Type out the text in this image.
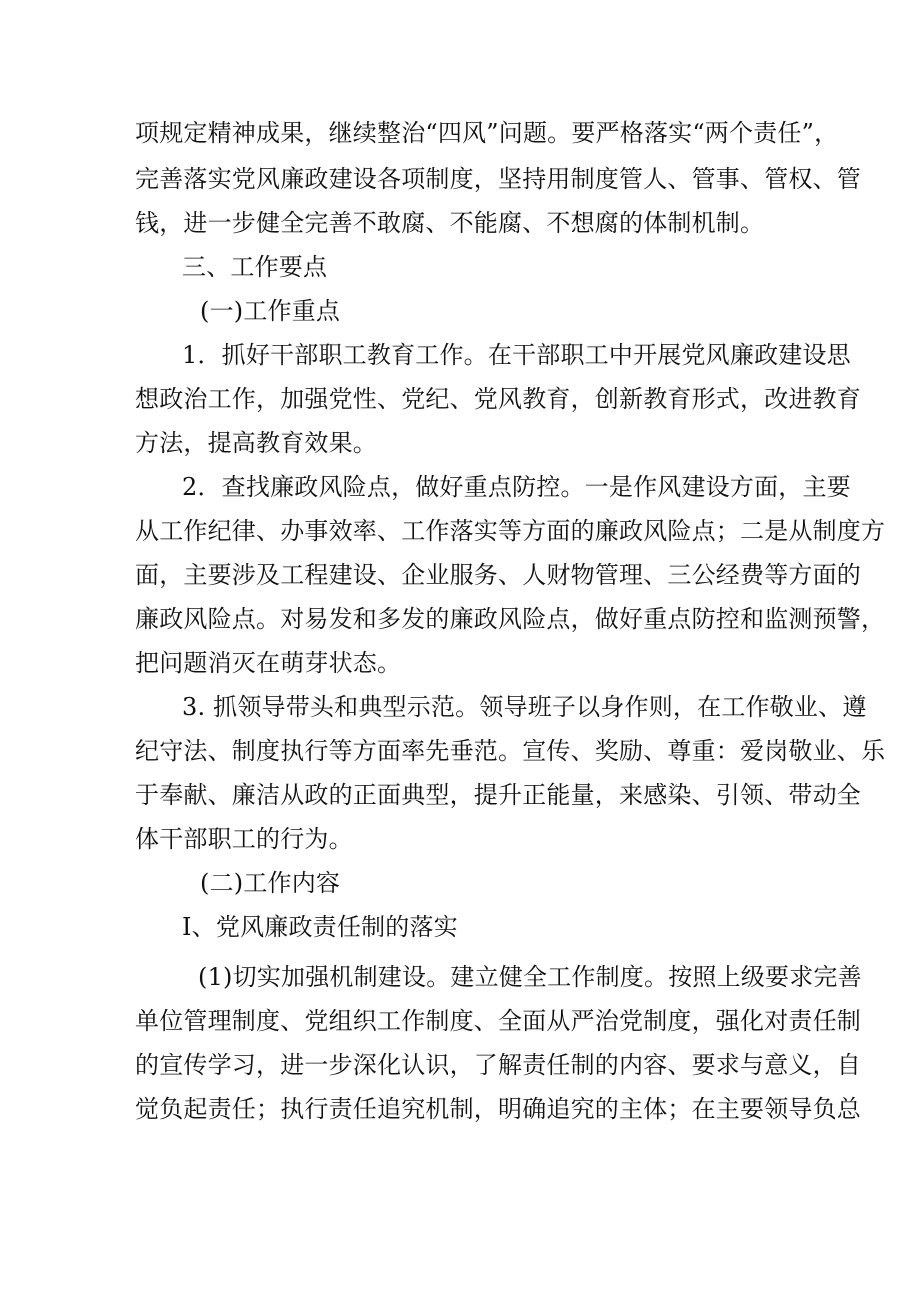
项规定精神成果，继续整治“四风”问题。要严格落实“两个责任”，
完善落实党风廉政建设各项制度，坚持用制度管人、管事、管权、管
钱，进一步健全完善不敢腐、不能腐、不想腐的体制机制。
三、工作要点
(一)工作重点
1．抓好干部职工教育工作。在干部职工中开展党风廉政建设思
想政治工作，加强党性、党纪、党风教育，创新教育形式，改进教育
方法，提高教育效果。
2．查找廉政风险点，做好重点防控。一是作风建设方面，主要
从工作纪律、办事效率、工作落实等方面的廉政风险点；二是从制度方
面，主要涉及工程建设、企业服务、人财物管理、三公经费等方面的
廉政风险点。对易发和多发的廉政风险点，做好重点防控和监测预警，
把问题消灭在萌芽状态。
3. 抓领导带头和典型示范。领导班子以身作则，在工作敬业、遵
纪守法、制度执行等方面率先垂范。宣传、奖励、尊重：爱岗敬业、乐
于奉献、廉洁从政的正面典型，提升正能量，来感染、引领、带动全
体干部职工的行为。
(二)工作内容
I、党风廉政责任制的落实
(1)切实加强机制建设。建立健全工作制度。按照上级要求完善
单位管理制度、党组织工作制度、全面从严治党制度，强化对责任制
的宣传学习，进一步深化认识，了解责任制的内容、要求与意义，自
觉负起责任；执行责任追究机制，明确追究的主体；在主要领导负总
